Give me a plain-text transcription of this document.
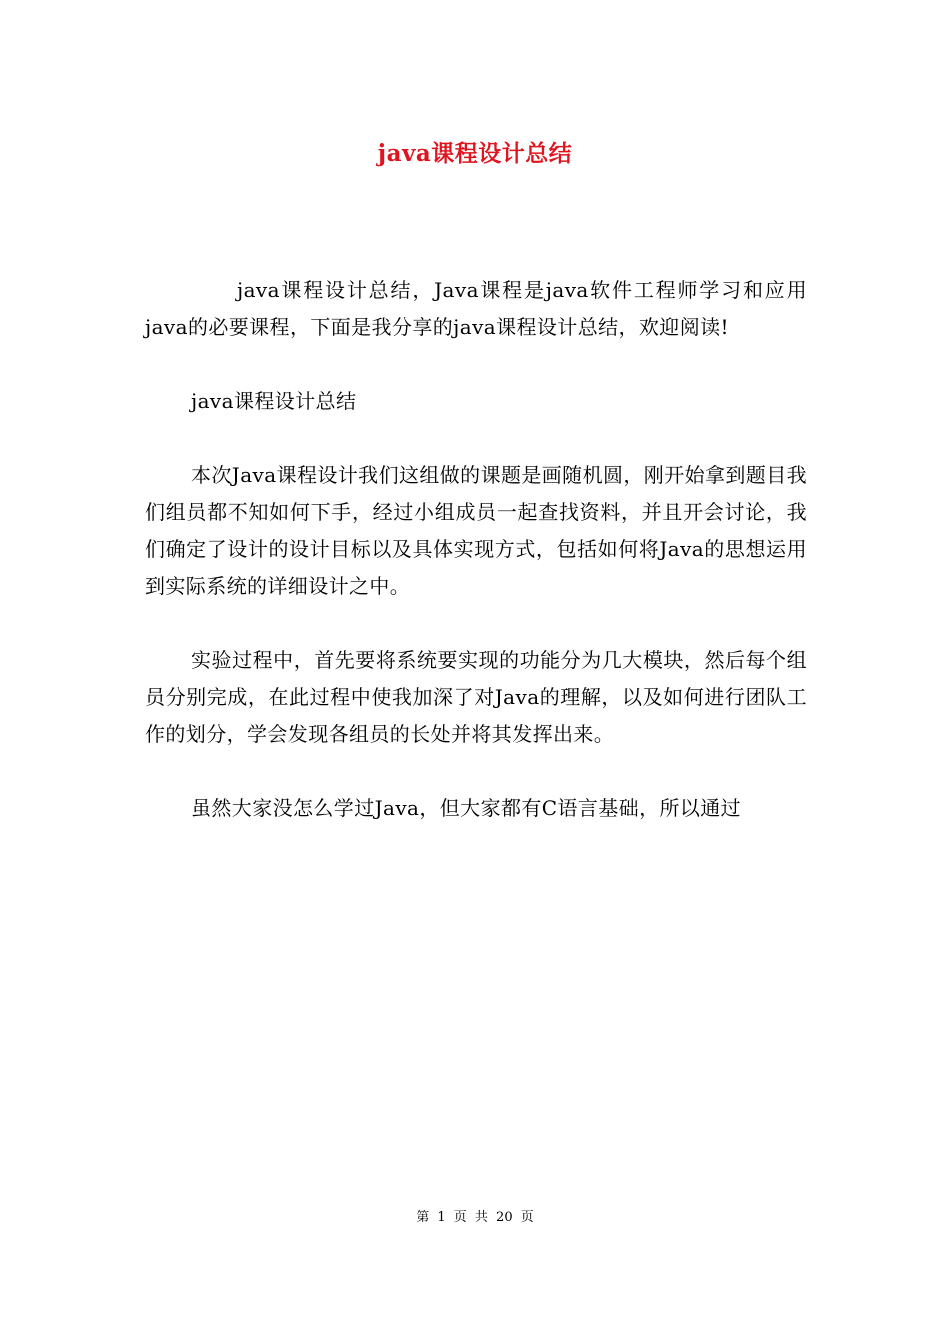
java课程设计总结

java课程设计总结，Java课程是java软件工程师学习和应用java的必要课程，下面是我分享的java课程设计总结，欢迎阅读!

java课程设计总结

本次Java课程设计我们这组做的课题是画随机圆，刚开始拿到题目我们组员都不知如何下手，经过小组成员一起查找资料，并且开会讨论，我们确定了设计的设计目标以及具体实现方式，包括如何将Java的思想运用到实际系统的详细设计之中。

实验过程中，首先要将系统要实现的功能分为几大模块，然后每个组员分别完成，在此过程中使我加深了对Java的理解，以及如何进行团队工作的划分，学会发现各组员的长处并将其发挥出来。

虽然大家没怎么学过Java，但大家都有C语言基础，所以通过

第 1 页 共 20 页
